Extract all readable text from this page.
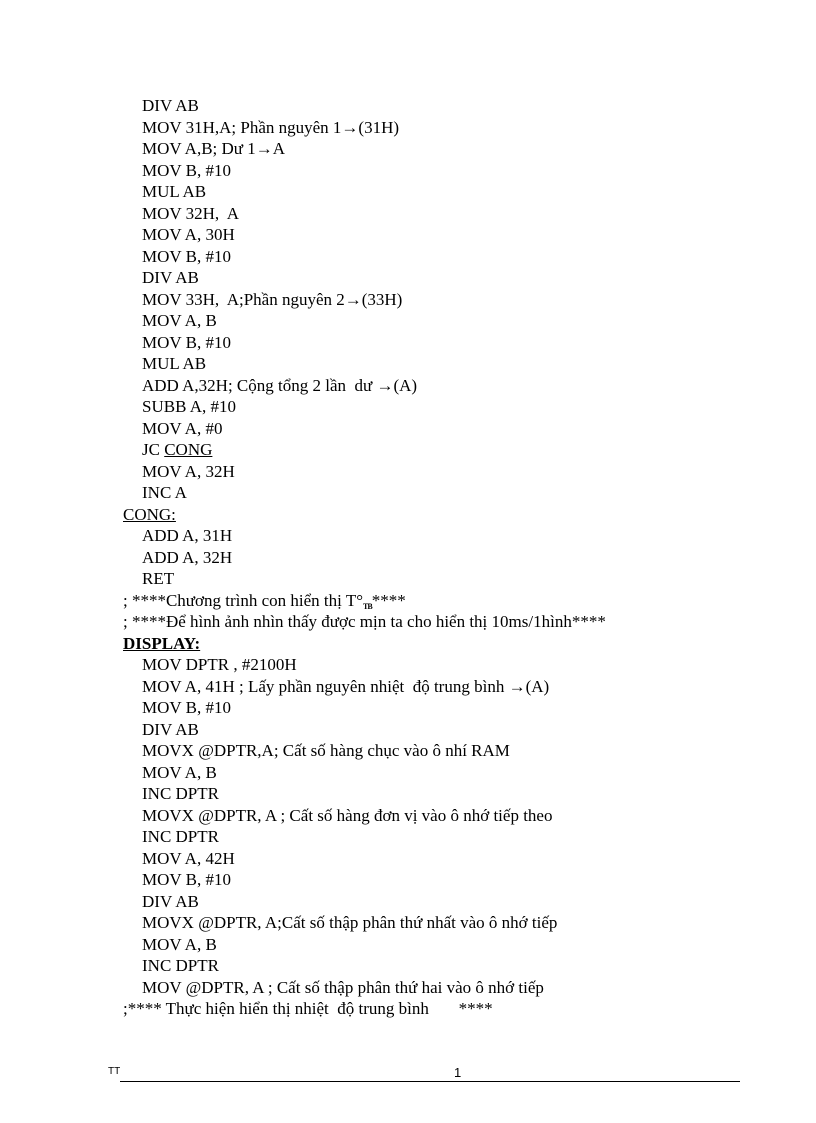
DIV AB
MOV 31H,A; Phần nguyên 1→(31H)
MOV A,B; Dư 1→A
MOV B, #10
MUL AB
MOV 32H,  A
MOV A, 30H
MOV B, #10
DIV AB
MOV 33H,  A;Phần nguyên 2→(33H)
MOV A, B
MOV B, #10
MUL AB
ADD A,32H; Cộng tổng 2 lần  dư →(A)
SUBB A, #10
MOV A, #0
JC CONG
MOV A, 32H
INC A
CONG:
ADD A, 31H
ADD A, 32H
RET
; ****Chương trình con hiển thị $T^\circ_{TB}****$
; ****Để hình ảnh nhìn thấy được mịn ta cho hiển thị 10ms/1hình****
DISPLAY:
MOV DPTR , #2100H
MOV A, 41H ; Lấy phần nguyên nhiệt  độ trung bình →(A)
MOV B, #10
DIV AB
MOVX @DPTR,A; Cất số hàng chục vào ô nhí RAM
MOV A, B
INC DPTR
MOVX @DPTR, A ; Cất số hàng đơn vị vào ô nhớ tiếp theo
INC DPTR
MOV A, 42H
MOV B, #10
DIV AB
MOVX @DPTR, A;Cất số thập phân thứ nhất vào ô nhớ tiếp
MOV A, B
INC DPTR
MOV @DPTR, A ; Cất số thập phân thứ hai vào ô nhớ tiếp
;**** Thực hiện hiển thị nhiệt  độ trung bình       ****
TT	1
